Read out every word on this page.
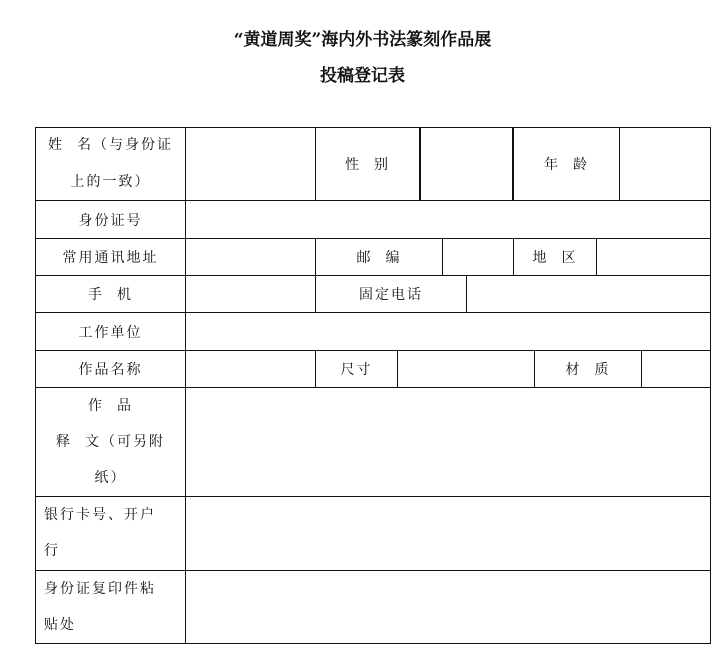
“黄道周奖”海内外书法篆刻作品展
投稿登记表
姓  名（与身份证
上的一致）
性  别	年  龄
身份证号
常用通讯地址	邮  编	地  区
手  机	固定电话
工作单位
作品名称	尺寸	材  质
作  品
释  文（可另附
纸）
银行卡号、开户
行
身份证复印件粘
贴处
